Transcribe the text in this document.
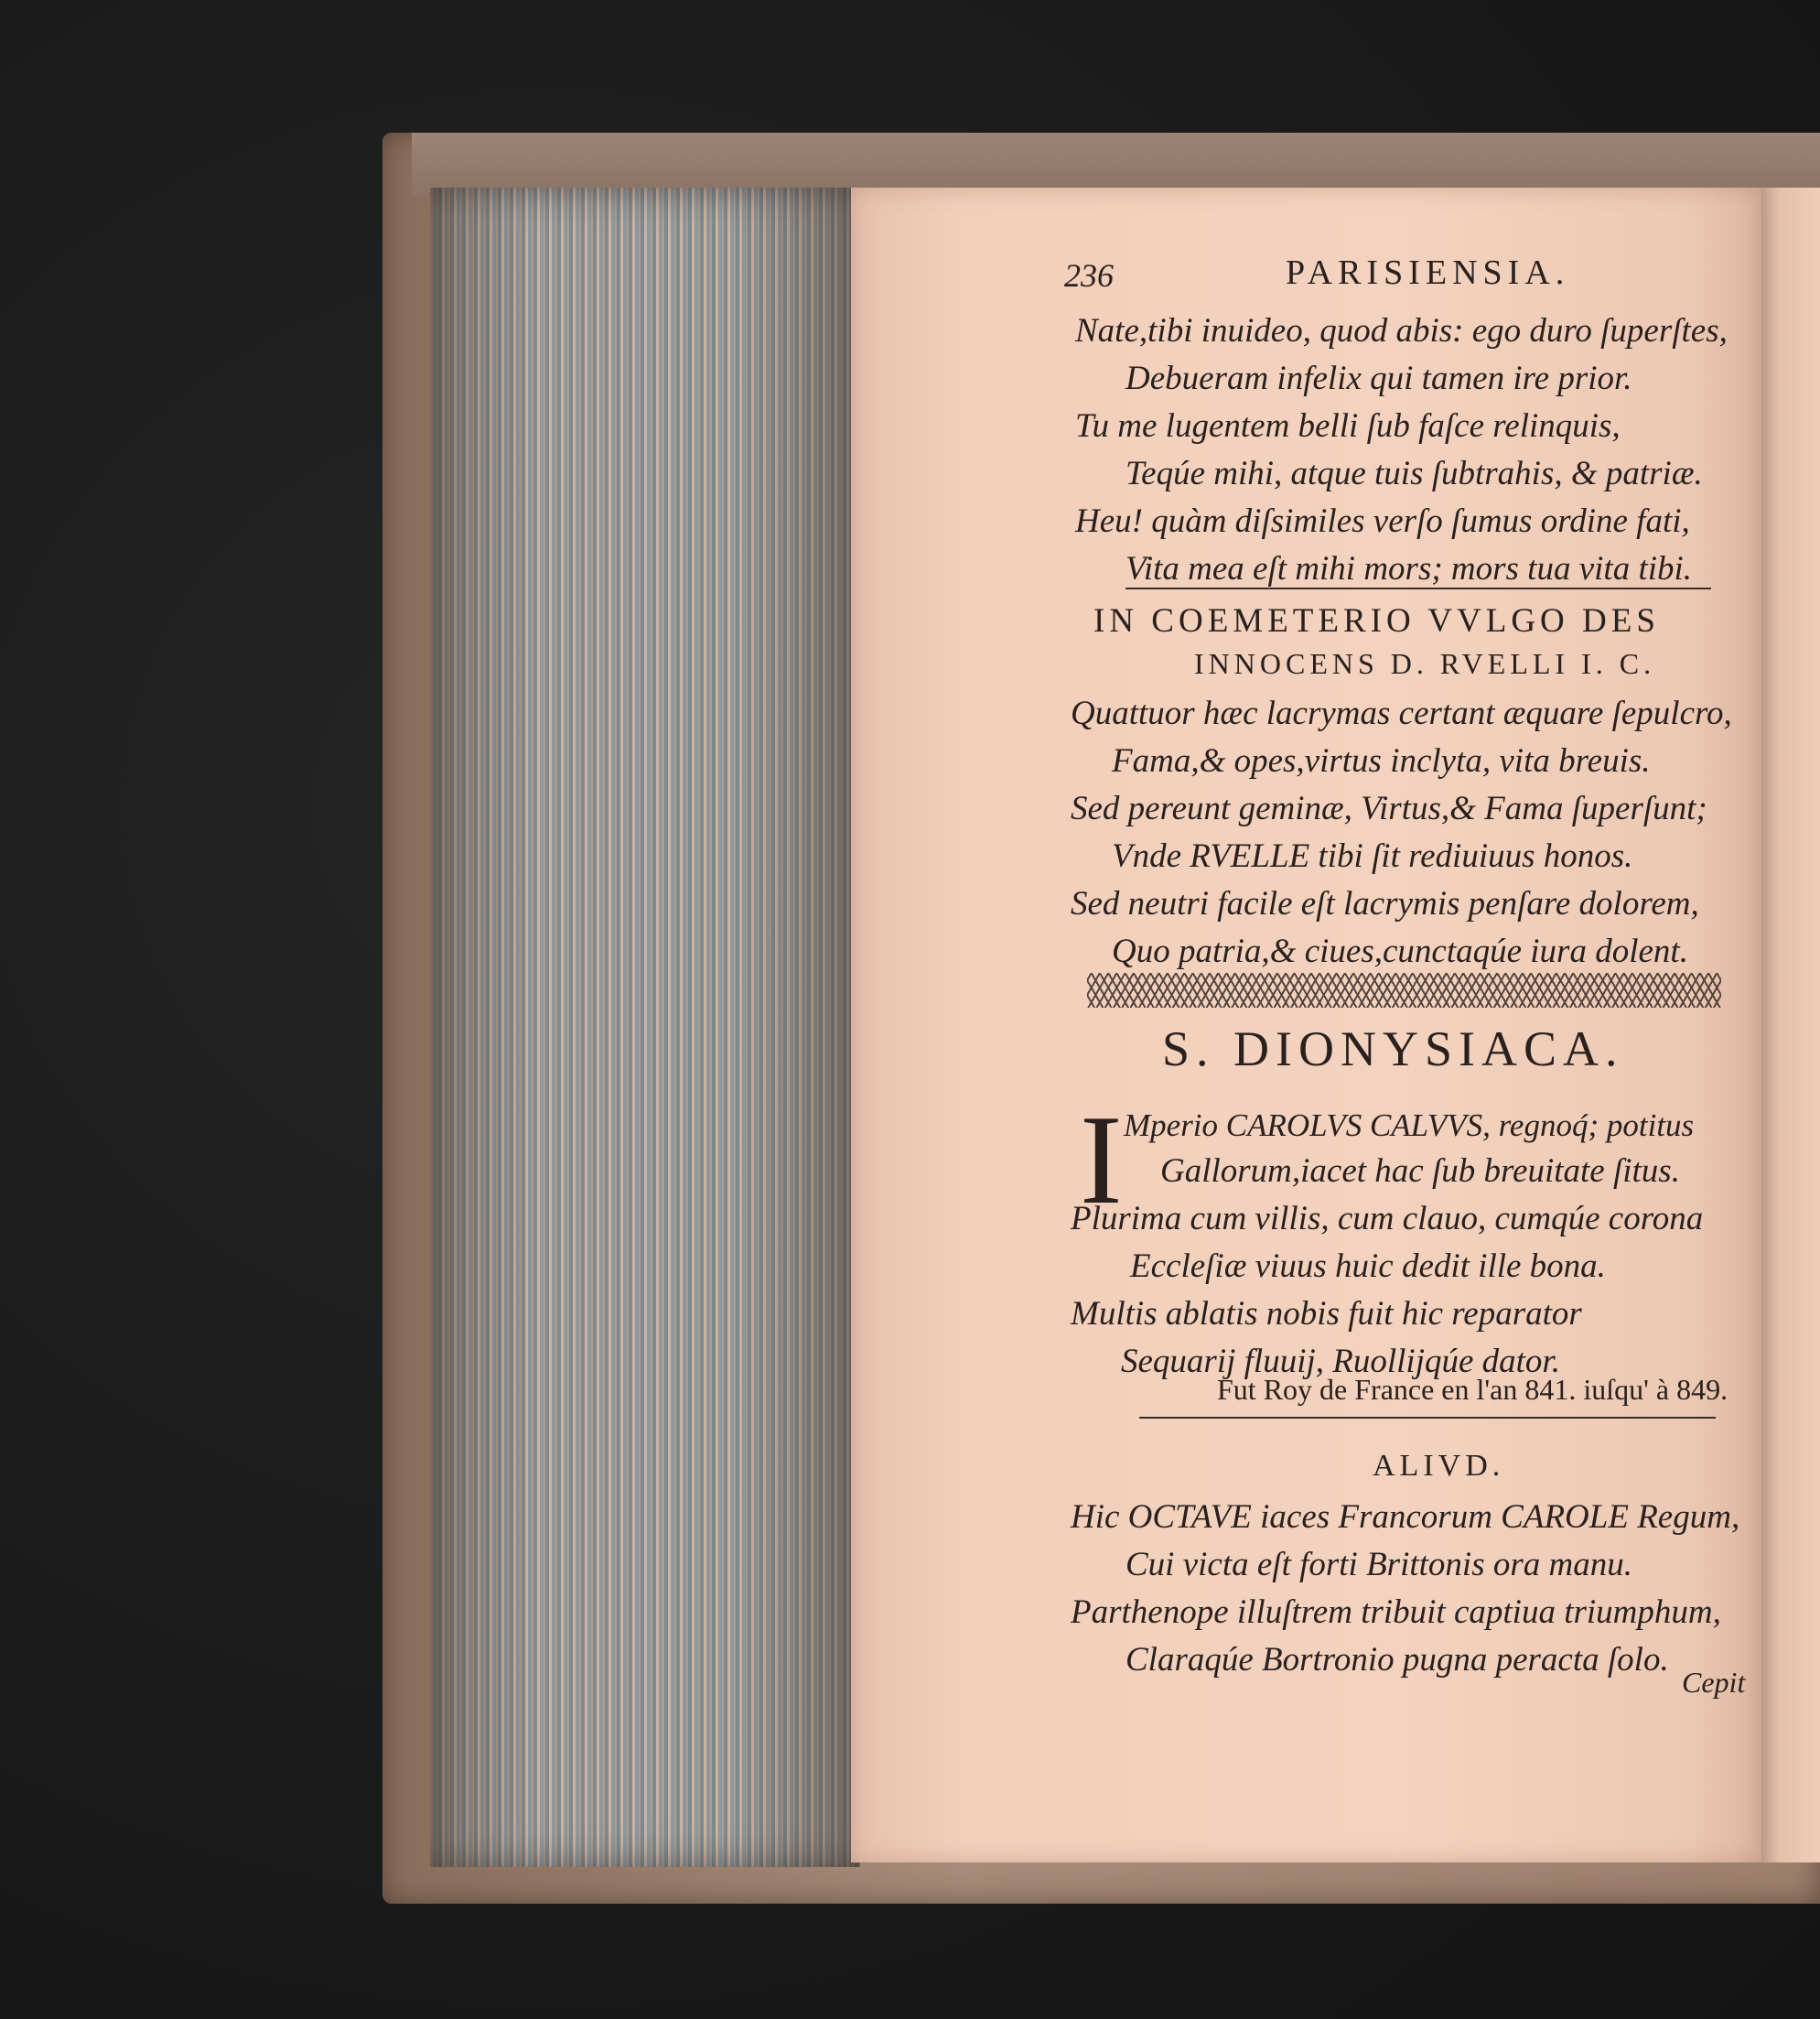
236	PARISIENSIA.
Nate,tibi inuideo, quod abis: ego duro ſuperſtes,
Debueram infelix qui tamen ire prior.
Tu me lugentem belli ſub faſce relinquis,
Teqúe mihi, atque tuis ſubtrahis, & patriæ.
Heu! quàm diſsimiles verſo ſumus ordine fati,
Vita mea eſt mihi mors; mors tua vita tibi.
IN COEMETERIO VVLGO DES
INNOCENS D. RVELLI I. C.
Quattuor hæc lacrymas certant æquare ſepulcro,
Fama,& opes,virtus inclyta, vita breuis.
Sed pereunt geminæ, Virtus,& Fama ſuperſunt;
Vnde RVELLE tibi ſit rediuiuus honos.
Sed neutri facile eſt lacrymis penſare dolorem,
Quo patria,& ciues,cunctaqúe iura dolent.
S. DIONYSIACA.
I Mperio CAROLVS CALVVS, regnoq́; potitus
Gallorum,iacet hac ſub breuitate ſitus.
Plurima cum villis, cum clauo, cumqúe corona
Eccleſiæ viuus huic dedit ille bona.
Multis ablatis nobis fuit hic reparator
Sequarij fluuij, Ruollijqúe dator.
Fut Roy de France en l'an 841. iuſqu' à 849.
ALIVD.
Hic OCTAVE iaces Francorum CAROLE Regum,
Cui victa eſt forti Brittonis ora manu.
Parthenope illuſtrem tribuit captiua triumphum,
Claraqúe Bortronio pugna peracta ſolo.
Cepit
